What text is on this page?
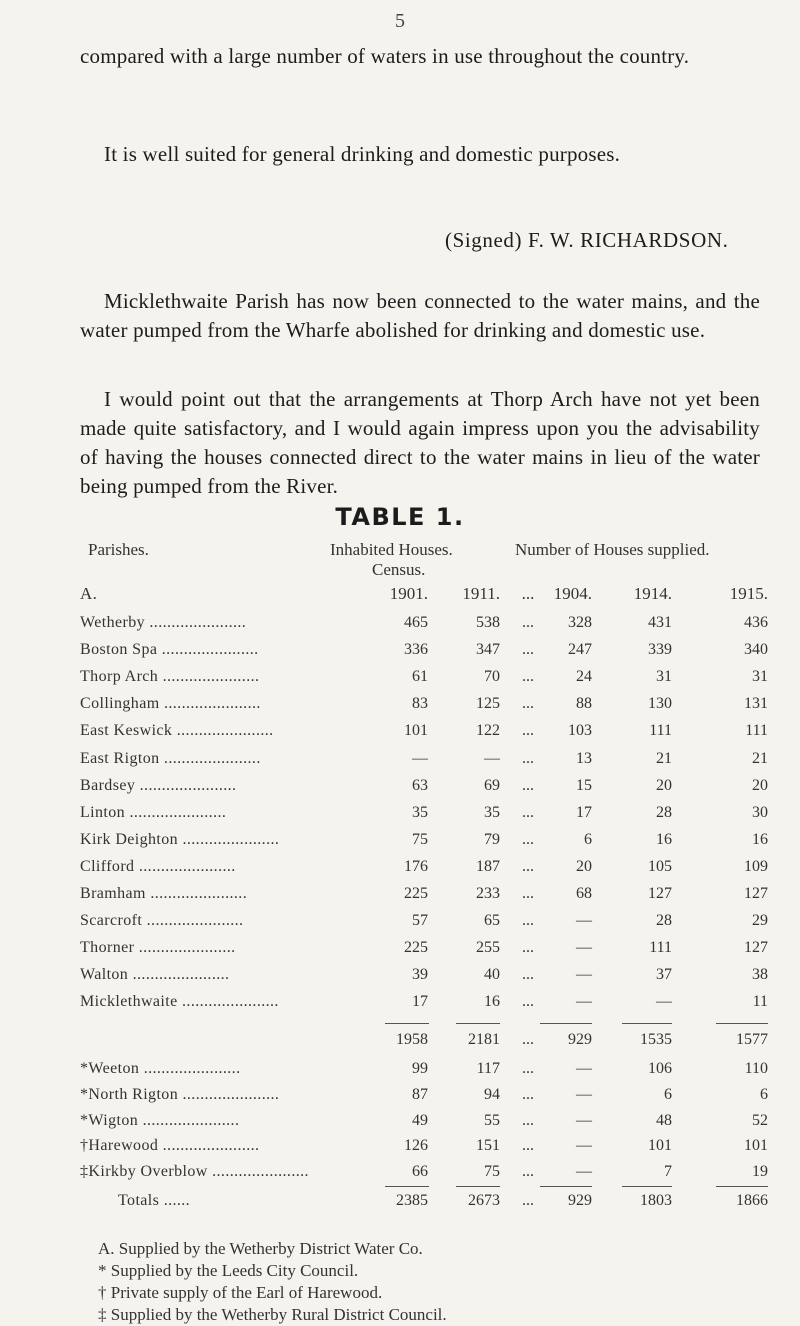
5
compared with a large number of waters in use throughout the country.
It is well suited for general drinking and domestic purposes.
(Signed) F. W. RICHARDSON.
Micklethwaite Parish has now been connected to the water mains, and the water pumped from the Wharfe abolished for drinking and domestic use.
I would point out that the arrangements at Thorp Arch have not yet been made quite satisfactory, and I would again impress upon you the advisability of having the houses connected direct to the water mains in lieu of the water being pumped from the River.
TABLE 1.
Parishes.	Inhabited Houses.
Census.
Number of Houses supplied.
A.	1901.	1911.	...	1904.	1914.	1915.
Wetherby ......................	465	538	...	328	431	436
Boston Spa ......................	336	347	...	247	339	340
Thorp Arch ......................	61	70	...	24	31	31
Collingham ......................	83	125	...	88	130	131
East Keswick ......................	101	122	...	103	111	111
East Rigton ......................	—	—	...	13	21	21
Bardsey ......................	63	69	...	15	20	20
Linton ......................	35	35	...	17	28	30
Kirk Deighton ......................	75	79	...	6	16	16
Clifford ......................	176	187	...	20	105	109
Bramham ......................	225	233	...	68	127	127
Scarcroft ......................	57	65	...	—	28	29
Thorner ......................	225	255	...	—	111	127
Walton ......................	39	40	...	—	37	38
Micklethwaite ......................	17	16	...	—	—	11
1958	2181	...	929	1535	1577
*Weeton ......................	99	117	...	—	106	110
*North Rigton ......................	87	94	...	—	6	6
*Wigton ......................	49	55	...	—	48	52
†Harewood ......................	126	151	...	—	101	101
‡Kirkby Overblow ......................	66	75	...	—	7	19
Totals ......	2385	2673	...	929	1803	1866
A. Supplied by the Wetherby District Water Co.
* Supplied by the Leeds City Council.
† Private supply of the Earl of Harewood.
‡ Supplied by the Wetherby Rural District Council.
